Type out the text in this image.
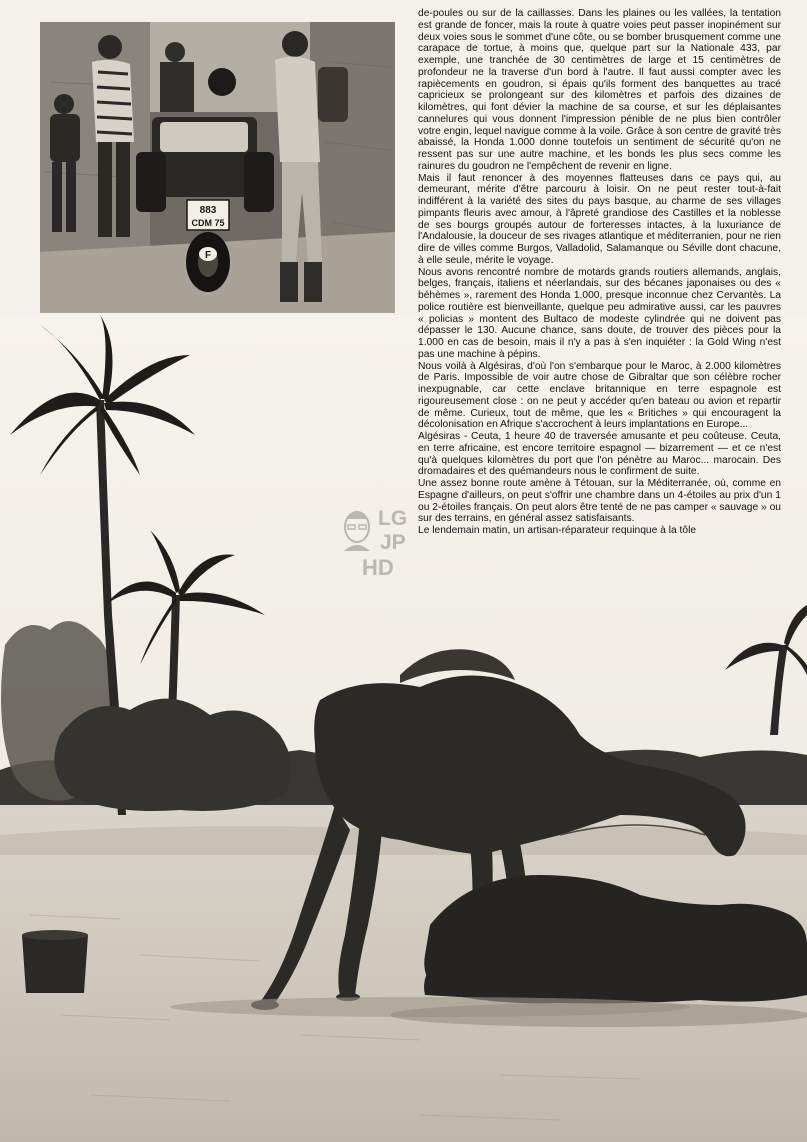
883
CDM 75
F

de-poules ou sur de la caillasses. Dans les plaines ou les vallées, la tentation est grande de foncer, mais la route à quatre voies peut passer inopinément sur deux voies sous le sommet d'une côte, ou se bomber brusquement comme une carapace de tortue, à moins que, quelque part sur la Nationale 433, par exemple, une tranchée de 30 centimètres de large et 15 centimètres de profondeur ne la traverse d'un bord à l'autre. Il faut aussi compter avec les rapiècements en goudron, si épais qu'ils forment des banquettes au tracé capricieux se prolongeant sur des kilomètres et parfois des dizaines de kilomètres, qui font dévier la machine de sa course, et sur les déplaisantes cannelures qui vous donnent l'impression pénible de ne plus bien contrôler votre engin, lequel navigue comme à la voile. Grâce à son centre de gravité très abaissé, la Honda 1.000 donne toutefois un sentiment de sécurité qu'on ne ressent pas sur une autre machine, et les bonds les plus secs comme les rainures du goudron ne l'empêchent de revenir en ligne.

Mais il faut renoncer à des moyennes flatteuses dans ce pays qui, au demeurant, mérite d'être parcouru à loisir. On ne peut rester tout-à-fait indifférent à la variété des sites du pays basque, au charme de ses villages pimpants fleuris avec amour, à l'âpreté grandiose des Castilles et la noblesse de ses bourgs groupés autour de forteresses intactes, à la luxuriance de l'Andalousie, la douceur de ses rivages atlantique et méditerranien, pour ne rien dire de villes comme Burgos, Valladolid, Salamanque ou Séville dont chacune, à elle seule, mérite le voyage.

Nous avons rencontré nombre de motards grands routiers allemands, anglais, belges, français, italiens et néerlandais, sur des bécanes japonaises ou des « béhèmes », rarement des Honda 1.000, presque inconnue chez Cervantès. La police routière est bienveillante, quelque peu admirative aussi, car les pauvres « policias » montent des Bultaco de modeste cylindrée qui ne doivent pas dépasser le 130. Aucune chance, sans doute, de trouver des pièces pour la 1.000 en cas de besoin, mais il n'y a pas à s'en inquiéter : la Gold Wing n'est pas une machine à pépins.

Nous voilà à Algésiras, d'où l'on s'embarque pour le Maroc, à 2.000 kilomètres de Paris. Impossible de voir autre chose de Gibraltar que son célèbre rocher inexpugnable, car cette enclave britannique en terre espagnole est rigoureusement close : on ne peut y accéder qu'en bateau ou avion et repartir de même. Curieux, tout de même, que les « Britiches » qui encouragent la décolonisation en Afrique s'accrochent à leurs implantations en Europe...

Algésiras - Ceuta, 1 heure 40 de traversée amusante et peu coûteuse. Ceuta, en terre africaine, est encore territoire espagnol — bizarrement — et ce n'est qu'à quelques kilomètres du port que l'on pénètre au Maroc... marocain. Des dromadaires et des quémandeurs nous le confirment de suite.

Une assez bonne route amène à Tétouan, sur la Méditerranée, où, comme en Espagne d'ailleurs, on peut s'offrir une chambre dans un 4-étoiles au prix d'un 1 ou 2-étoiles français. On peut alors être tenté de ne pas camper « sauvage » ou sur des terrains, en général assez satisfaisants.

Le lendemain matin, un artisan-réparateur requinque à la tôle

LG
JP
HD
